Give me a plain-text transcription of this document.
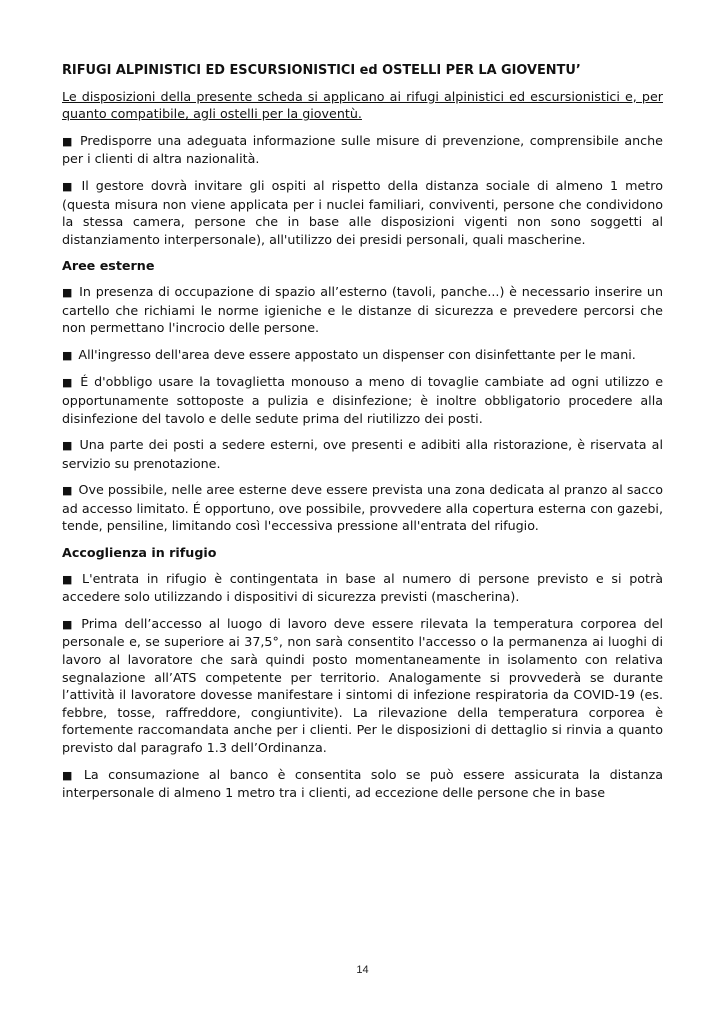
RIFUGI ALPINISTICI ED ESCURSIONISTICI ed OSTELLI PER LA GIOVENTU’

Le disposizioni della presente scheda si applicano ai rifugi alpinistici ed escursionistici e, per quanto compatibile, agli ostelli per la gioventù.

■ Predisporre una adeguata informazione sulle misure di prevenzione, comprensibile anche per i clienti di altra nazionalità.

■ Il gestore dovrà invitare gli ospiti al rispetto della distanza sociale di almeno 1 metro (questa misura non viene applicata per i nuclei familiari, conviventi, persone che condividono la stessa camera, persone che in base alle disposizioni vigenti non sono soggetti al distanziamento interpersonale), all'utilizzo dei presidi personali, quali mascherine.

Aree esterne

■ In presenza di occupazione di spazio all’esterno (tavoli, panche...) è necessario inserire un cartello che richiami le norme igieniche e le distanze di sicurezza e prevedere percorsi che non permettano l'incrocio delle persone.

■ All'ingresso dell'area deve essere appostato un dispenser con disinfettante per le mani.

■ É d'obbligo usare la tovaglietta monouso a meno di tovaglie cambiate ad ogni utilizzo e opportunamente sottoposte a pulizia e disinfezione; è inoltre obbligatorio procedere alla disinfezione del tavolo e delle sedute prima del riutilizzo dei posti.

■ Una parte dei posti a sedere esterni, ove presenti e adibiti alla ristorazione, è riservata al servizio su prenotazione.

■ Ove possibile, nelle aree esterne deve essere prevista una zona dedicata al pranzo al sacco ad accesso limitato. É opportuno, ove possibile, provvedere alla copertura esterna con gazebi, tende, pensiline, limitando così l'eccessiva pressione all'entrata del rifugio.

Accoglienza in rifugio

■ L'entrata in rifugio è contingentata in base al numero di persone previsto e si potrà accedere solo utilizzando i dispositivi di sicurezza previsti (mascherina).

■ Prima dell’accesso al luogo di lavoro deve essere rilevata la temperatura corporea del personale e, se superiore ai 37,5°, non sarà consentito l'accesso o la permanenza ai luoghi di lavoro al lavoratore che sarà quindi posto momentaneamente in isolamento con relativa segnalazione all’ATS competente per territorio. Analogamente si provvederà se durante l’attività il lavoratore dovesse manifestare i sintomi di infezione respiratoria da COVID-19 (es. febbre, tosse, raffreddore, congiuntivite). La rilevazione della temperatura corporea è fortemente raccomandata anche per i clienti. Per le disposizioni di dettaglio si rinvia a quanto previsto dal paragrafo 1.3 dell’Ordinanza.

■ La consumazione al banco è consentita solo se può essere assicurata la distanza interpersonale di almeno 1 metro tra i clienti, ad eccezione delle persone che in base

14
